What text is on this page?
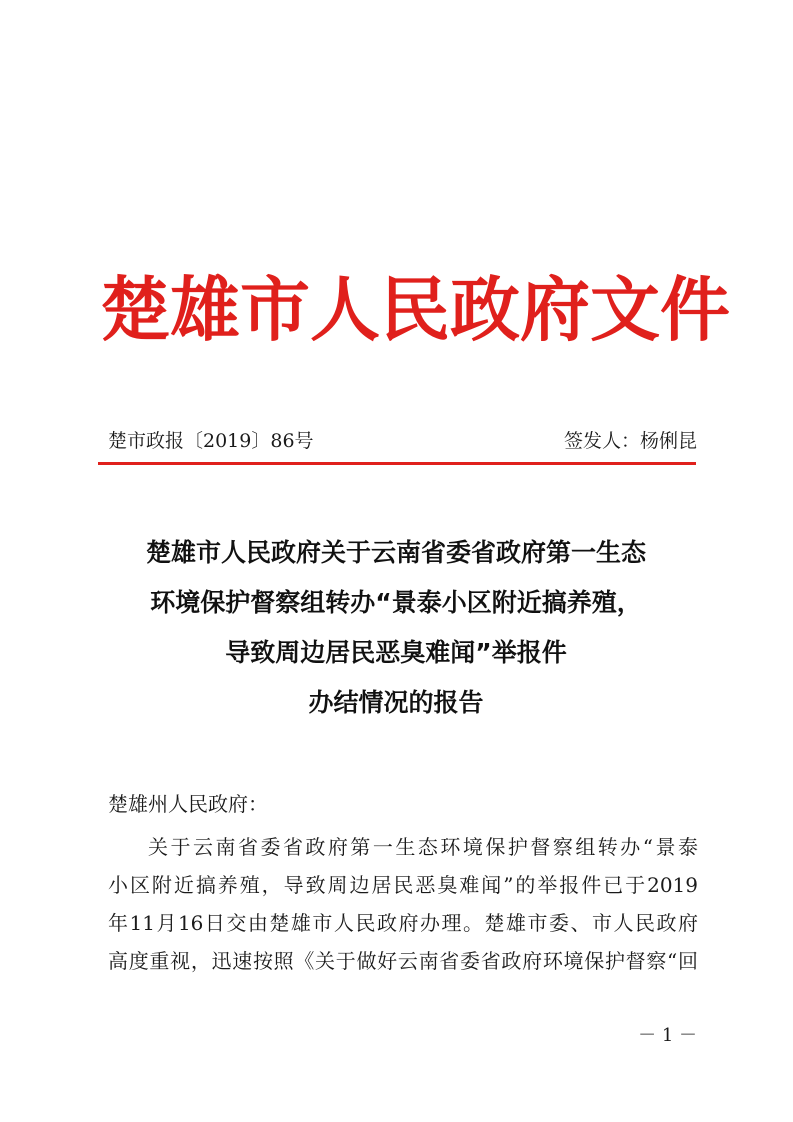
楚雄市人民政府文件
楚市政报〔2019〕86号	签发人：杨俐昆
楚雄市人民政府关于云南省委省政府第一生态
环境保护督察组转办“景泰小区附近搞养殖，
导致周边居民恶臭难闻”举报件
办结情况的报告
楚雄州人民政府：
关于云南省委省政府第一生态环境保护督察组转办“景泰
小区附近搞养殖，导致周边居民恶臭难闻”的举报件已于2019
年11月16日交由楚雄市人民政府办理。楚雄市委、市人民政府
高度重视，迅速按照《关于做好云南省委省政府环境保护督察“回
－ 1 －
